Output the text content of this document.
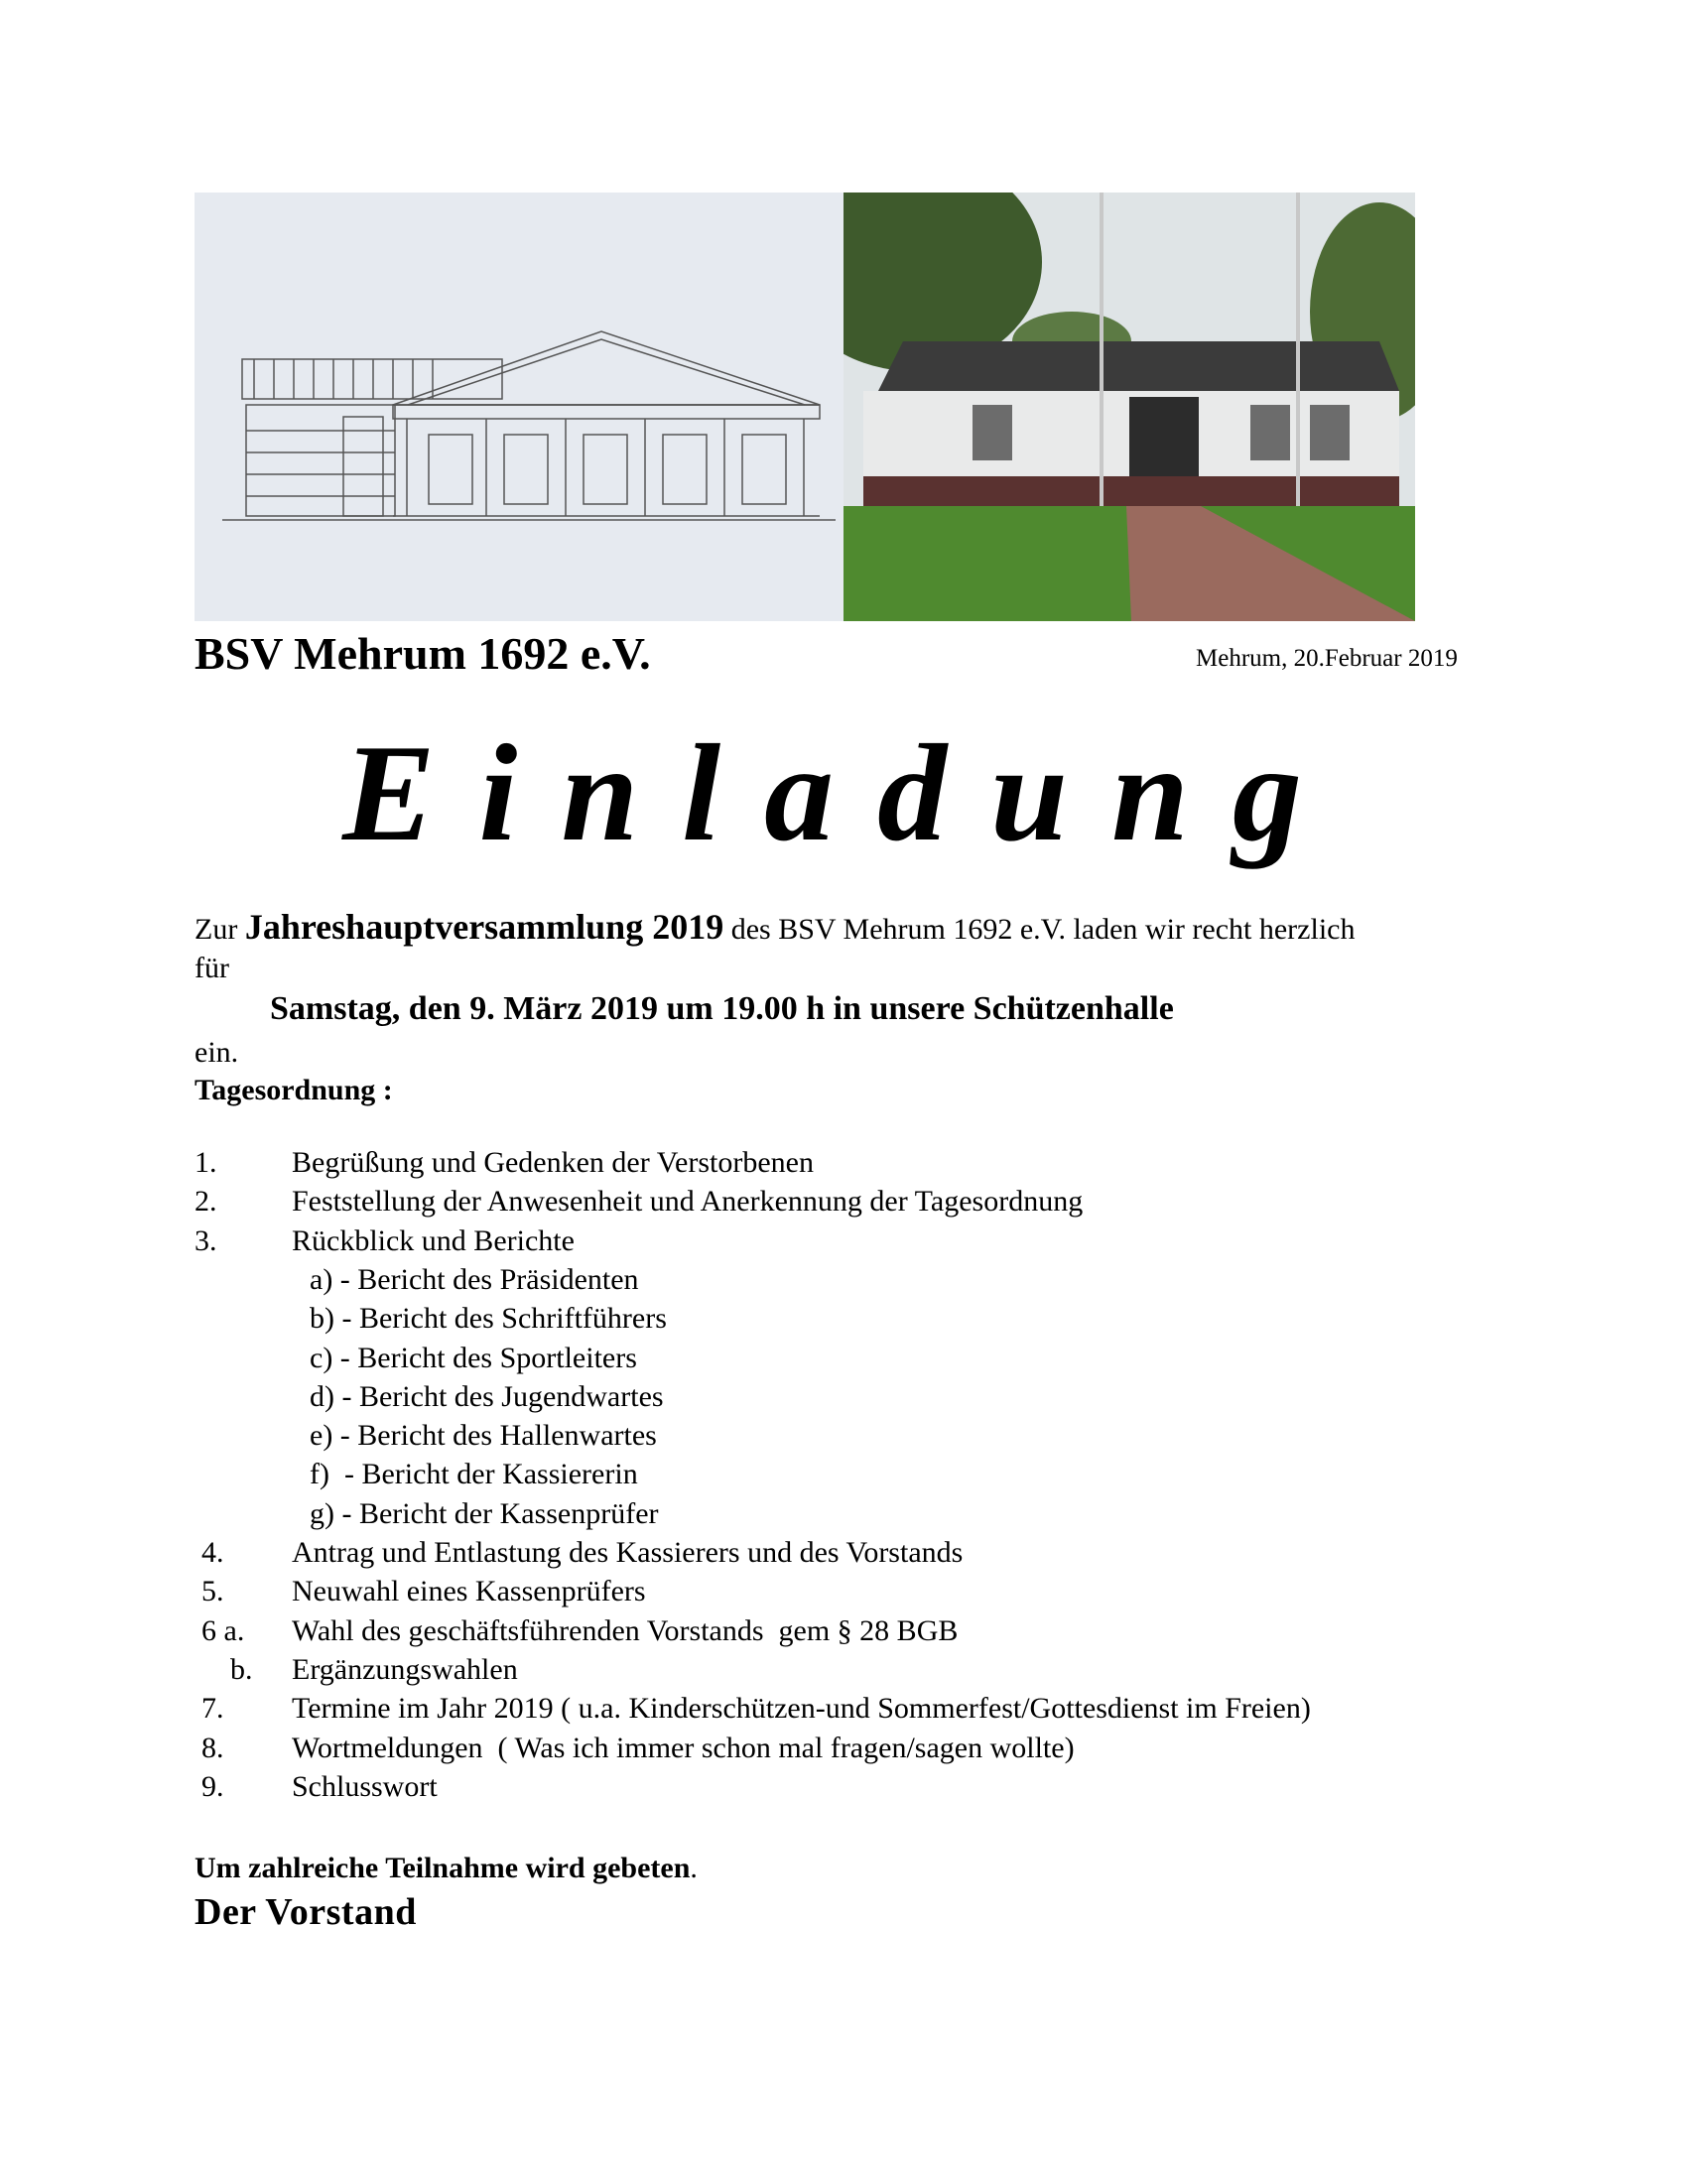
BSV Mehrum 1692 e.V.	Mehrum, 20.Februar 2019
Einladung
Zur Jahreshauptversammlung 2019 des BSV Mehrum 1692 e.V. laden wir recht herzlich
für
Samstag, den 9. März 2019 um 19.00 h in unsere Schützenhalle
ein.
Tagesordnung :
1.	Begrüßung und Gedenken der Verstorbenen
2.	Feststellung der Anwesenheit und Anerkennung der Tagesordnung
3.	Rückblick und Berichte
a) - Bericht des Präsidenten
b) - Bericht des Schriftführers
c) - Bericht des Sportleiters
d) - Bericht des Jugendwartes
e) - Bericht des Hallenwartes
f)  - Bericht der Kassiererin
g) - Bericht der Kassenprüfer
4. Antrag und Entlastung des Kassierers und des Vorstands
5. Neuwahl eines Kassenprüfers
6 a. Wahl des geschäftsführenden Vorstands  gem § 28 BGB
b. Ergänzungswahlen
7. Termine im Jahr 2019 ( u.a. Kinderschützen-und Sommerfest/Gottesdienst im Freien)
8. Wortmeldungen  ( Was ich immer schon mal fragen/sagen wollte)
9. Schlusswort
Um zahlreiche Teilnahme wird gebeten.
Der Vorstand
